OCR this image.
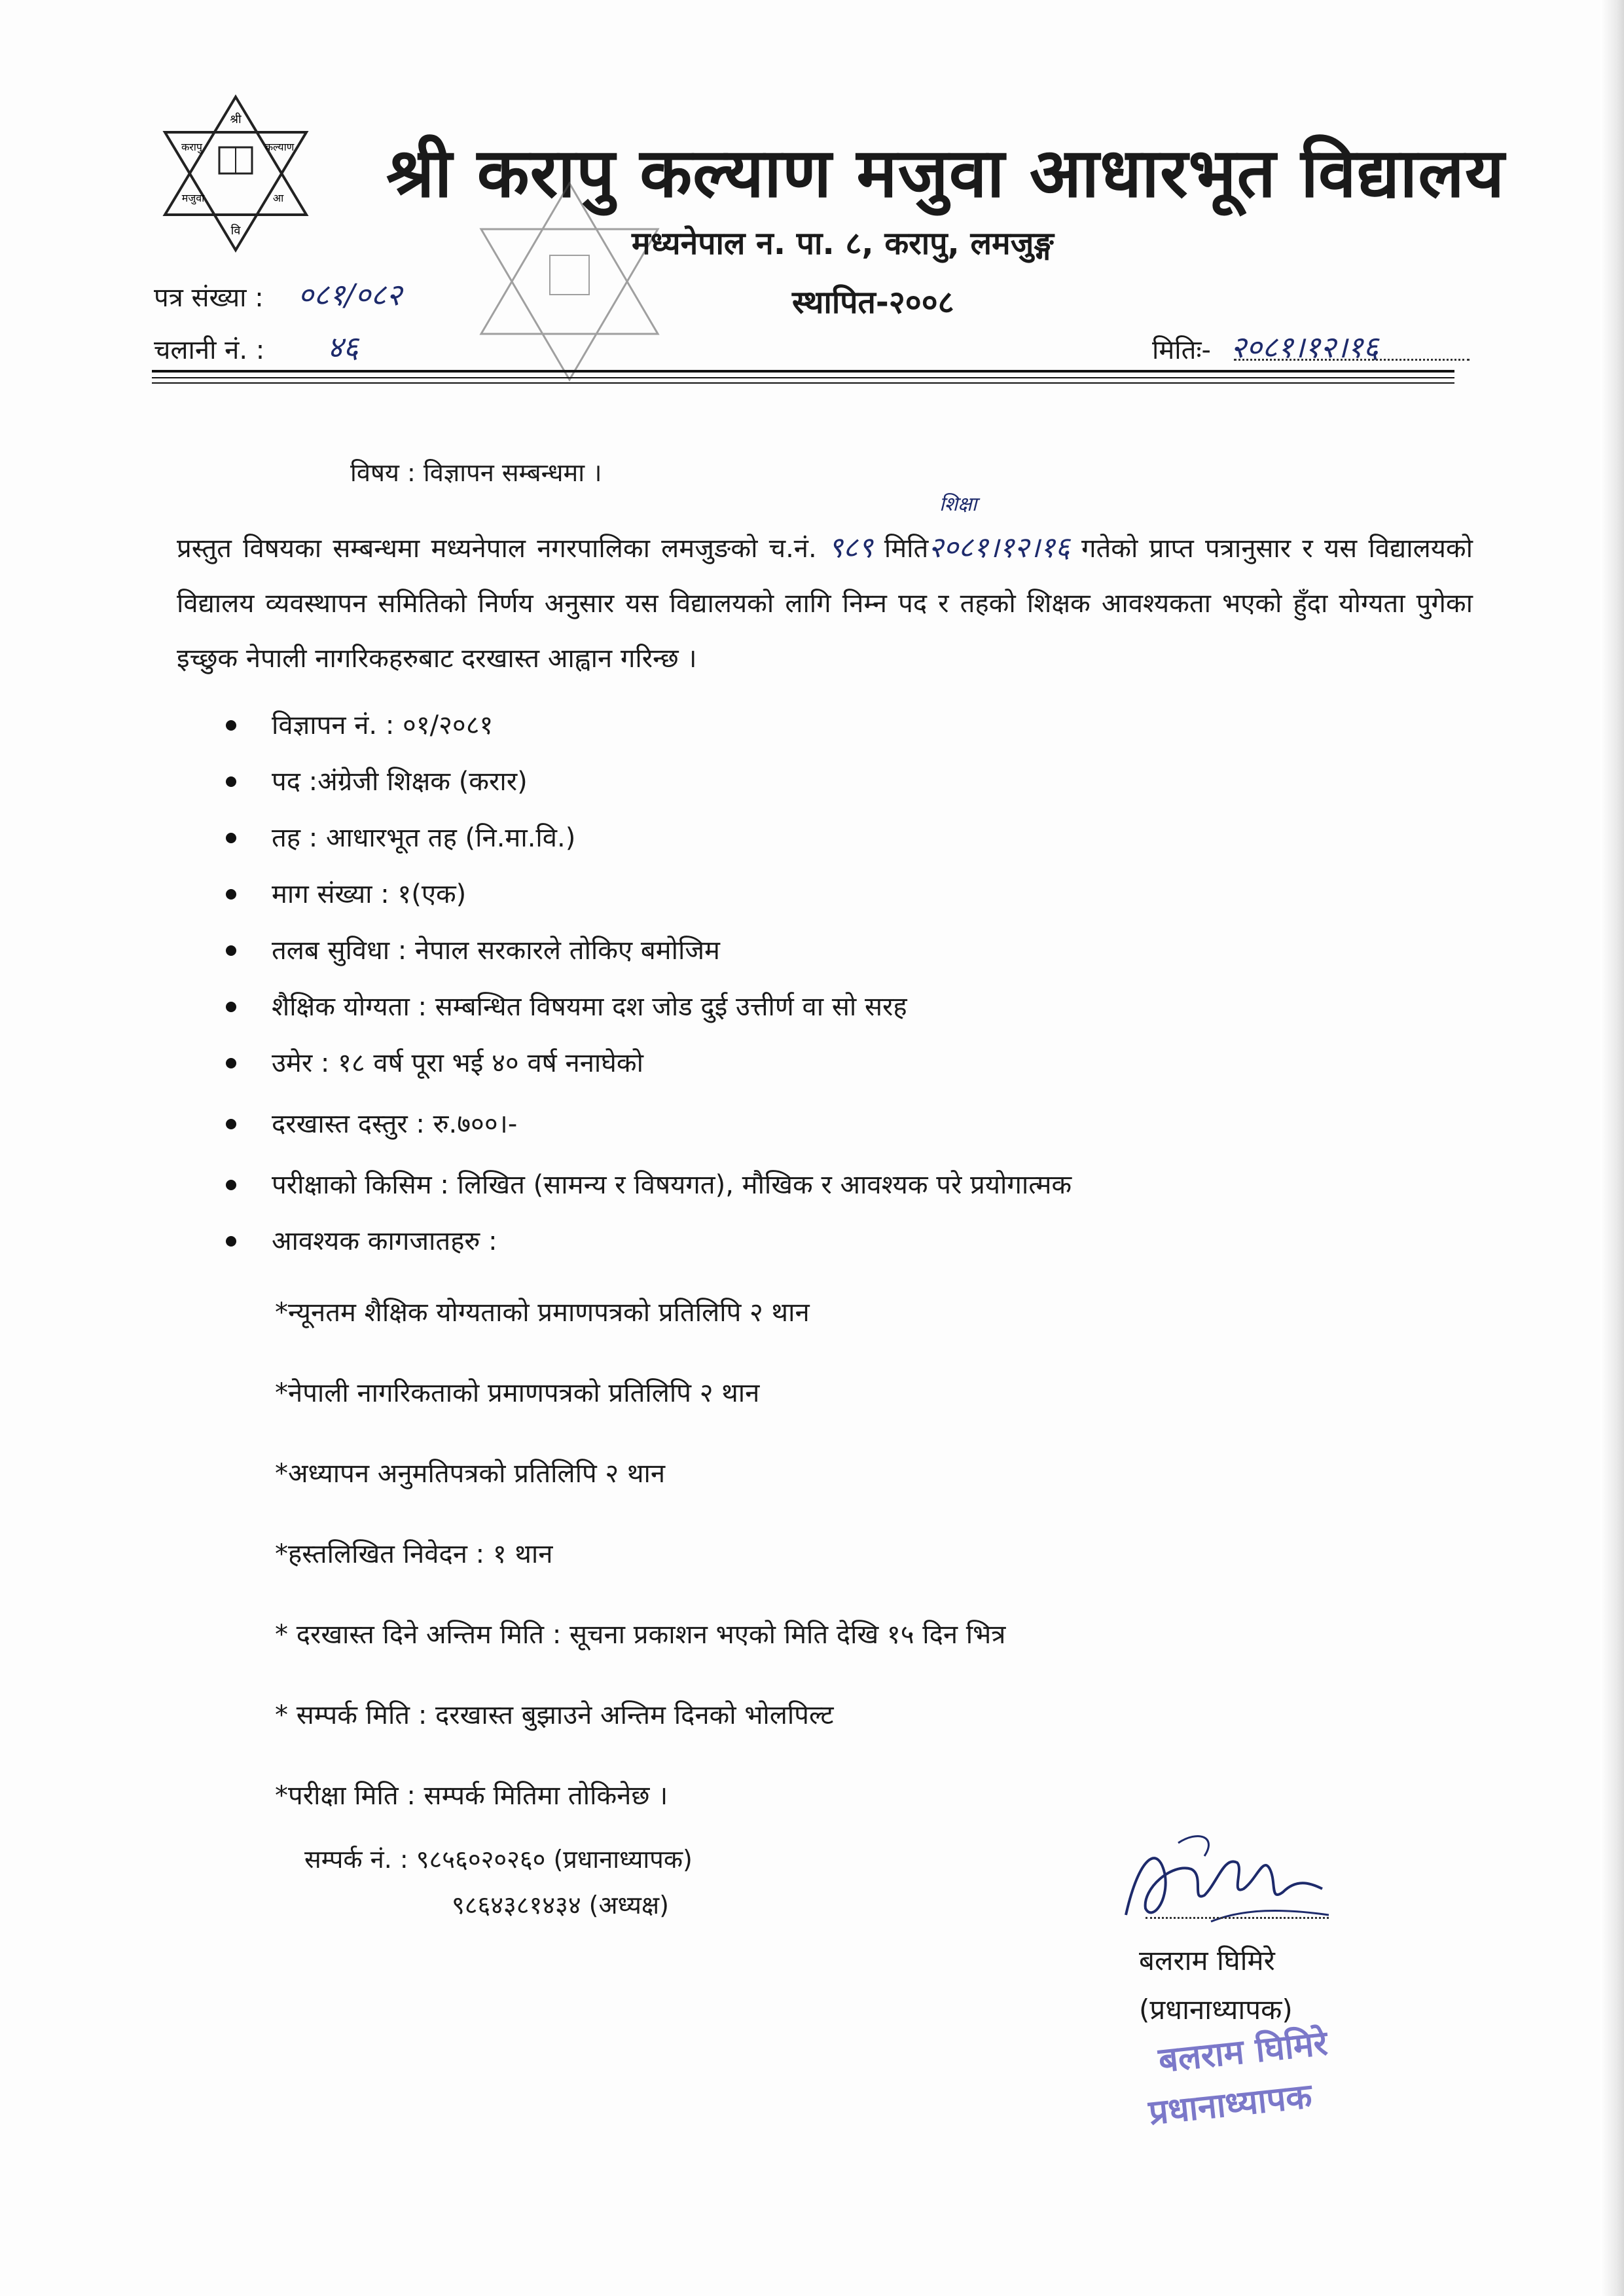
श्री
करापु	कल्याण
मजुवा	आ
वि
श्री करापु कल्याण मजुवा आधारभूत विद्यालय
मध्यनेपाल न. पा. ८, करापु, लमजुङ्ग
स्थापित-२००८
पत्र संख्या : ०८१/०८२
चलानी नं. : ४६	मितिः- २०८१।१२।१६
विषय : विज्ञापन सम्बन्धमा ।
शिक्षा
प्रस्तुत विषयका सम्बन्धमा मध्यनेपाल नगरपालिका लमजुङको च.नं. ९८९ मिति२०८१।१२।१६ गतेको प्राप्त पत्रानुसार र यस विद्यालयको विद्यालय व्यवस्थापन समितिको निर्णय अनुसार यस विद्यालयको लागि निम्न पद र तहको शिक्षक आवश्यकता भएको हुँदा योग्यता पुगेका इच्छुक नेपाली नागरिकहरुबाट दरखास्त आह्वान गरिन्छ ।
विज्ञापन नं. : ०१/२०८१
पद :अंग्रेजी शिक्षक (करार)
तह : आधारभूत तह (नि.मा.वि.)
माग संख्या : १(एक)
तलब सुविधा : नेपाल सरकारले तोकिए बमोजिम
शैक्षिक योग्यता : सम्बन्धित विषयमा दश जोड दुई उत्तीर्ण वा सो सरह
उमेर : १८ वर्ष पूरा भई ४० वर्ष ननाघेको
दरखास्त दस्तुर : रु.७००।-
परीक्षाको किसिम : लिखित (सामन्य र विषयगत), मौखिक र आवश्यक परे प्रयोगात्मक
आवश्यक कागजातहरु :
*न्यूनतम शैक्षिक योग्यताको प्रमाणपत्रको प्रतिलिपि २ थान
*नेपाली नागरिकताको प्रमाणपत्रको प्रतिलिपि २ थान
*अध्यापन अनुमतिपत्रको प्रतिलिपि २ थान
*हस्तलिखित निवेदन : १ थान
* दरखास्त दिने अन्तिम मिति : सूचना प्रकाशन भएको मिति देखि १५ दिन भित्र
* सम्पर्क मिति : दरखास्त बुझाउने अन्तिम दिनको भोलपिल्ट
*परीक्षा मिति : सम्पर्क मितिमा तोकिनेछ ।
सम्पर्क नं. : ९८५६०२०२६० (प्रधानाध्यापक)
९८६४३८१४३४ (अध्यक्ष)
बलराम घिमिरे
(प्रधानाध्यापक)
बलराम घिमिरे
प्रधानाध्यापक
